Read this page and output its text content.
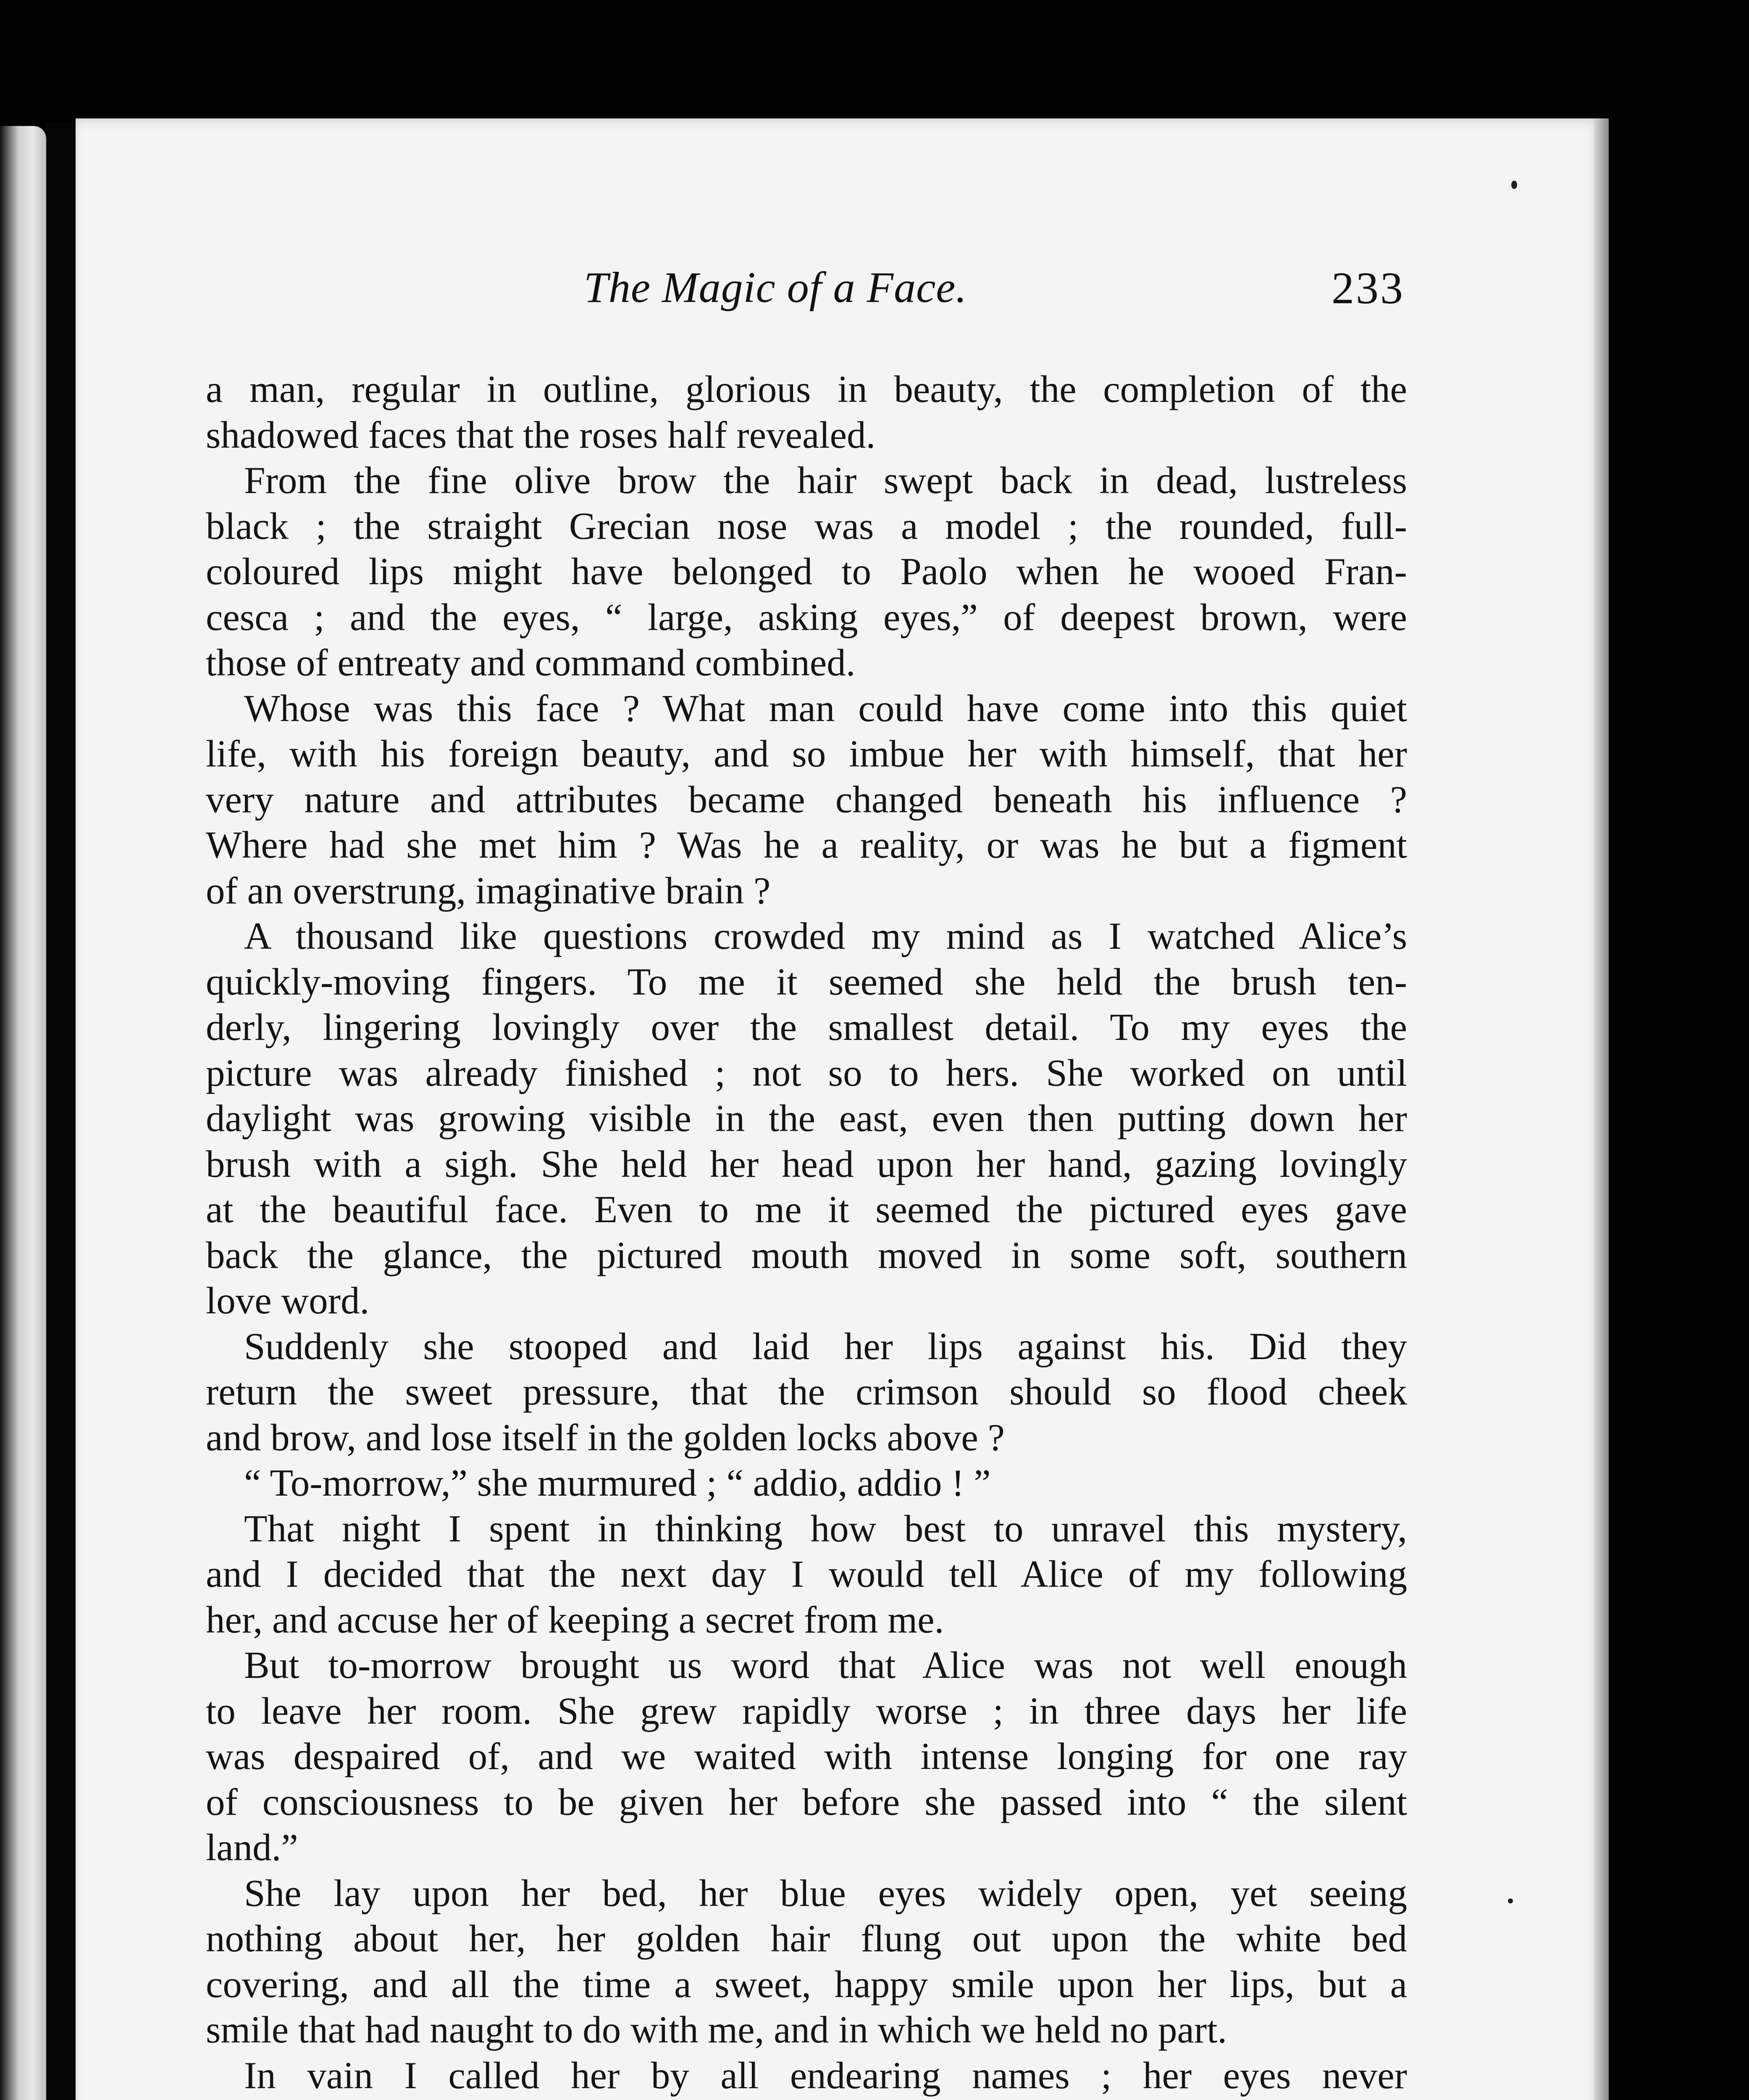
The Magic of a Face.	233
a man, regular in outline, glorious in beauty, the completion of the
shadowed faces that the roses half revealed.
 From the fine olive brow the hair swept back in dead, lustreless
black ; the straight Grecian nose was a model ; the rounded, full-
coloured lips might have belonged to Paolo when he wooed Fran-
cesca ; and the eyes, “ large, asking eyes,” of deepest brown, were
those of entreaty and command combined.
 Whose was this face ? What man could have come into this quiet
life, with his foreign beauty, and so imbue her with himself, that her
very nature and attributes became changed beneath his influence ?
Where had she met him ? Was he a reality, or was he but a figment
of an overstrung, imaginative brain ?
 A thousand like questions crowded my mind as I watched Alice’s
quickly-moving fingers. To me it seemed she held the brush ten-
derly, lingering lovingly over the smallest detail. To my eyes the
picture was already finished ; not so to hers. She worked on until
daylight was growing visible in the east, even then putting down her
brush with a sigh. She held her head upon her hand, gazing lovingly
at the beautiful face. Even to me it seemed the pictured eyes gave
back the glance, the pictured mouth moved in some soft, southern
love word.
 Suddenly she stooped and laid her lips against his. Did they
return the sweet pressure, that the crimson should so flood cheek
and brow, and lose itself in the golden locks above ?
 “ To-morrow,” she murmured ; “ addio, addio ! ”
 That night I spent in thinking how best to unravel this mystery,
and I decided that the next day I would tell Alice of my following
her, and accuse her of keeping a secret from me.
 But to-morrow brought us word that Alice was not well enough
to leave her room. She grew rapidly worse ; in three days her life
was despaired of, and we waited with intense longing for one ray
of consciousness to be given her before she passed into “ the silent
land.”
 She lay upon her bed, her blue eyes widely open, yet seeing
nothing about her, her golden hair flung out upon the white bed
covering, and all the time a sweet, happy smile upon her lips, but a
smile that had naught to do with me, and in which we held no part.
 In vain I called her by all endearing names ; her eyes never
